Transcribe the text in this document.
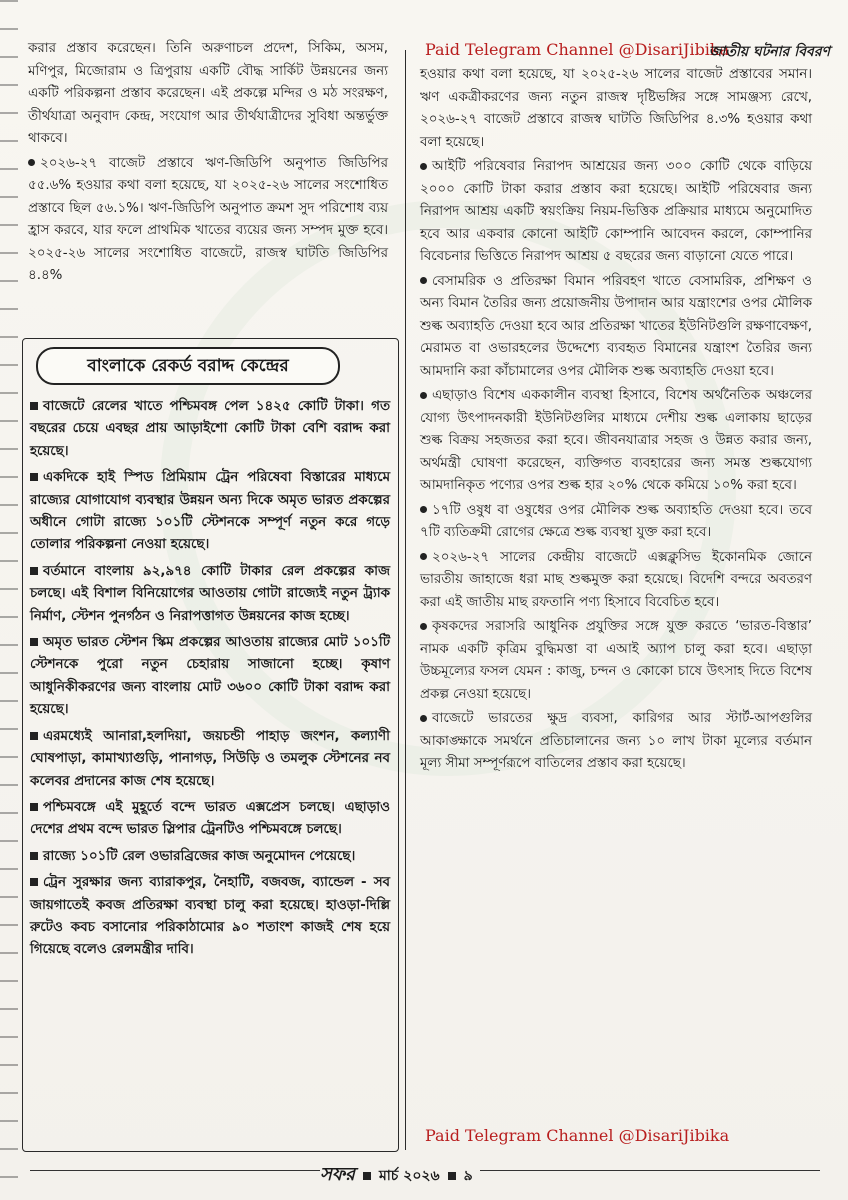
Paid Telegram Channel @DisariJibika
জাতীয় ঘটনার বিবরণ

করার প্রস্তাব করেছেন। তিনি অরুণাচল প্রদেশ, সিকিম, অসম, মণিপুর, মিজোরাম ও ত্রিপুরায় একটি বৌদ্ধ সার্কিট উন্নয়নের জন্য একটি পরিকল্পনা প্রস্তাব করেছেন। এই প্রকল্পে মন্দির ও মঠ সংরক্ষণ, তীর্থযাত্রা অনুবাদ কেন্দ্র, সংযোগ আর তীর্থযাত্রীদের সুবিধা অন্তর্ভুক্ত থাকবে।

২০২৬-২৭ বাজেট প্রস্তাবে ঋণ-জিডিপি অনুপাত জিডিপির ৫৫.৬% হওয়ার কথা বলা হয়েছে, যা ২০২৫-২৬ সালের সংশোধিত প্রস্তাবে ছিল ৫৬.১%। ঋণ-জিডিপি অনুপাত ক্রমশ সুদ পরিশোধ ব্যয় হ্রাস করবে, যার ফলে প্রাথমিক খাতের ব্যয়ের জন্য সম্পদ মুক্ত হবে। ২০২৫-২৬ সালের সংশোধিত বাজেটে, রাজস্ব ঘাটতি জিডিপির ৪.৪%

বাংলাকে রেকর্ড বরাদ্দ কেন্দ্রের

বাজেটে রেলের খাতে পশ্চিমবঙ্গ পেল ১৪২৫ কোটি টাকা। গত বছরের চেয়ে এবছর প্রায় আড়াইশো কোটি টাকা বেশি বরাদ্দ করা হয়েছে।

একদিকে হাই স্পিড প্রিমিয়াম ট্রেন পরিষেবা বিস্তারের মাধ্যমে রাজ্যের যোগাযোগ ব্যবস্থার উন্নয়ন অন্য দিকে অমৃত ভারত প্রকল্পের অধীনে গোটা রাজ্যে ১০১টি স্টেশনকে সম্পূর্ণ নতুন করে গড়ে তোলার পরিকল্পনা নেওয়া হয়েছে।

বর্তমানে বাংলায় ৯২,৯৭৪ কোটি টাকার রেল প্রকল্পের কাজ চলছে। এই বিশাল বিনিয়োগের আওতায় গোটা রাজ্যেই নতুন ট্র্যাক নির্মাণ, স্টেশন পুনর্গঠন ও নিরাপত্তাগত উন্নয়নের কাজ হচ্ছে।

অমৃত ভারত স্টেশন স্কিম প্রকল্পের আওতায় রাজ্যের মোট ১০১টি স্টেশনকে পুরো নতুন চেহারায় সাজানো হচ্ছে। কৃষাণ আধুনিকীকরণের জন্য বাংলায় মোট ৩৬০০ কোটি টাকা বরাদ্দ করা হয়েছে।

এরমধ্যেই আনারা,হলদিয়া, জয়চন্ডী পাহাড় জংশন, কল্যাণী ঘোষপাড়া, কামাখ্যাগুড়ি, পানাগড়, সিউড়ি ও তমলুক স্টেশনের নব কলেবর প্রদানের কাজ শেষ হয়েছে।

পশ্চিমবঙ্গে এই মুহূর্তে বন্দে ভারত এক্সপ্রেস চলছে। এছাড়াও দেশের প্রথম বন্দে ভারত স্লিপার ট্রেনটিও পশ্চিমবঙ্গে চলছে।

রাজ্যে ১০১টি রেল ওভারব্রিজের কাজ অনুমোদন পেয়েছে।

ট্রেন সুরক্ষার জন্য ব্যারাকপুর, নৈহাটি, বজবজ, ব্যান্ডেল - সব জায়গাতেই কবজ প্রতিরক্ষা ব্যবস্থা চালু করা হয়েছে। হাওড়া-দিল্লি রুটেও কবচ বসানোর পরিকাঠামোর ৯০ শতাংশ কাজই শেষ হয়ে গিয়েছে বলেও রেলমন্ত্রীর দাবি।

হওয়ার কথা বলা হয়েছে, যা ২০২৫-২৬ সালের বাজেট প্রস্তাবের সমান। ঋণ একত্রীকরণের জন্য নতুন রাজস্ব দৃষ্টিভঙ্গির সঙ্গে সামঞ্জস্য রেখে, ২০২৬-২৭ বাজেট প্রস্তাবে রাজস্ব ঘাটতি জিডিপির ৪.৩% হওয়ার কথা বলা হয়েছে।

আইটি পরিষেবার নিরাপদ আশ্রয়ের জন্য ৩০০ কোটি থেকে বাড়িয়ে ২০০০ কোটি টাকা করার প্রস্তাব করা হয়েছে। আইটি পরিষেবার জন্য নিরাপদ আশ্রয় একটি স্বয়ংক্রিয় নিয়ম-ভিত্তিক প্রক্রিয়ার মাধ্যমে অনুমোদিত হবে আর একবার কোনো আইটি কোম্পানি আবেদন করলে, কোম্পানির বিবেচনার ভিত্তিতে নিরাপদ আশ্রয় ৫ বছরের জন্য বাড়ানো যেতে পারে।

বেসামরিক ও প্রতিরক্ষা বিমান পরিবহণ খাতে বেসামরিক, প্রশিক্ষণ ও অন্য বিমান তৈরির জন্য প্রয়োজনীয় উপাদান আর যন্ত্রাংশের ওপর মৌলিক শুল্ক অব্যাহতি দেওয়া হবে আর প্রতিরক্ষা খাতের ইউনিটগুলি রক্ষণাবেক্ষণ, মেরামত বা ওভারহলের উদ্দেশ্যে ব্যবহৃত বিমানের যন্ত্রাংশ তৈরির জন্য আমদানি করা কাঁচামালের ওপর মৌলিক শুল্ক অব্যাহতি দেওয়া হবে।

এছাড়াও বিশেষ এককালীন ব্যবস্থা হিসাবে, বিশেষ অর্থনৈতিক অঞ্চলের যোগ্য উৎপাদনকারী ইউনিটগুলির মাধ্যমে দেশীয় শুল্ক এলাকায় ছাড়ের শুল্ক বিক্রয় সহজতর করা হবে। জীবনযাত্রার সহজ ও উন্নত করার জন্য, অর্থমন্ত্রী ঘোষণা করেছেন, ব্যক্তিগত ব্যবহারের জন্য সমস্ত শুল্কযোগ্য আমদানিকৃত পণ্যের ওপর শুল্ক হার ২০% থেকে কমিয়ে ১০% করা হবে।

১৭টি ওষুধ বা ওষুধের ওপর মৌলিক শুল্ক অব্যাহতি দেওয়া হবে। তবে ৭টি ব্যতিক্রমী রোগের ক্ষেত্রে শুল্ক ব্যবস্থা যুক্ত করা হবে।

২০২৬-২৭ সালের কেন্দ্রীয় বাজেটে এক্সক্লুসিভ ইকোনমিক জোনে ভারতীয় জাহাজে ধরা মাছ শুল্কমুক্ত করা হয়েছে। বিদেশি বন্দরে অবতরণ করা এই জাতীয় মাছ রফতানি পণ্য হিসাবে বিবেচিত হবে।

কৃষকদের সরাসরি আধুনিক প্রযুক্তির সঙ্গে যুক্ত করতে ‘ভারত-বিস্তার’ নামক একটি কৃত্রিম বুদ্ধিমত্তা বা এআই অ্যাপ চালু করা হবে। এছাড়া উচ্চমূল্যের ফসল যেমন : কাজু, চন্দন ও কোকো চাষে উৎসাহ দিতে বিশেষ প্রকল্প নেওয়া হয়েছে।

বাজেটে ভারতের ক্ষুদ্র ব্যবসা, কারিগর আর স্টার্ট-আপগুলির আকাঙ্ক্ষাকে সমর্থনে প্রতিচালানের জন্য ১০ লাখ টাকা মূল্যের বর্তমান মূল্য সীমা সম্পূর্ণরূপে বাতিলের প্রস্তাব করা হয়েছে।

Paid Telegram Channel @DisariJibika
সফর মার্চ ২০২৬ ৯
